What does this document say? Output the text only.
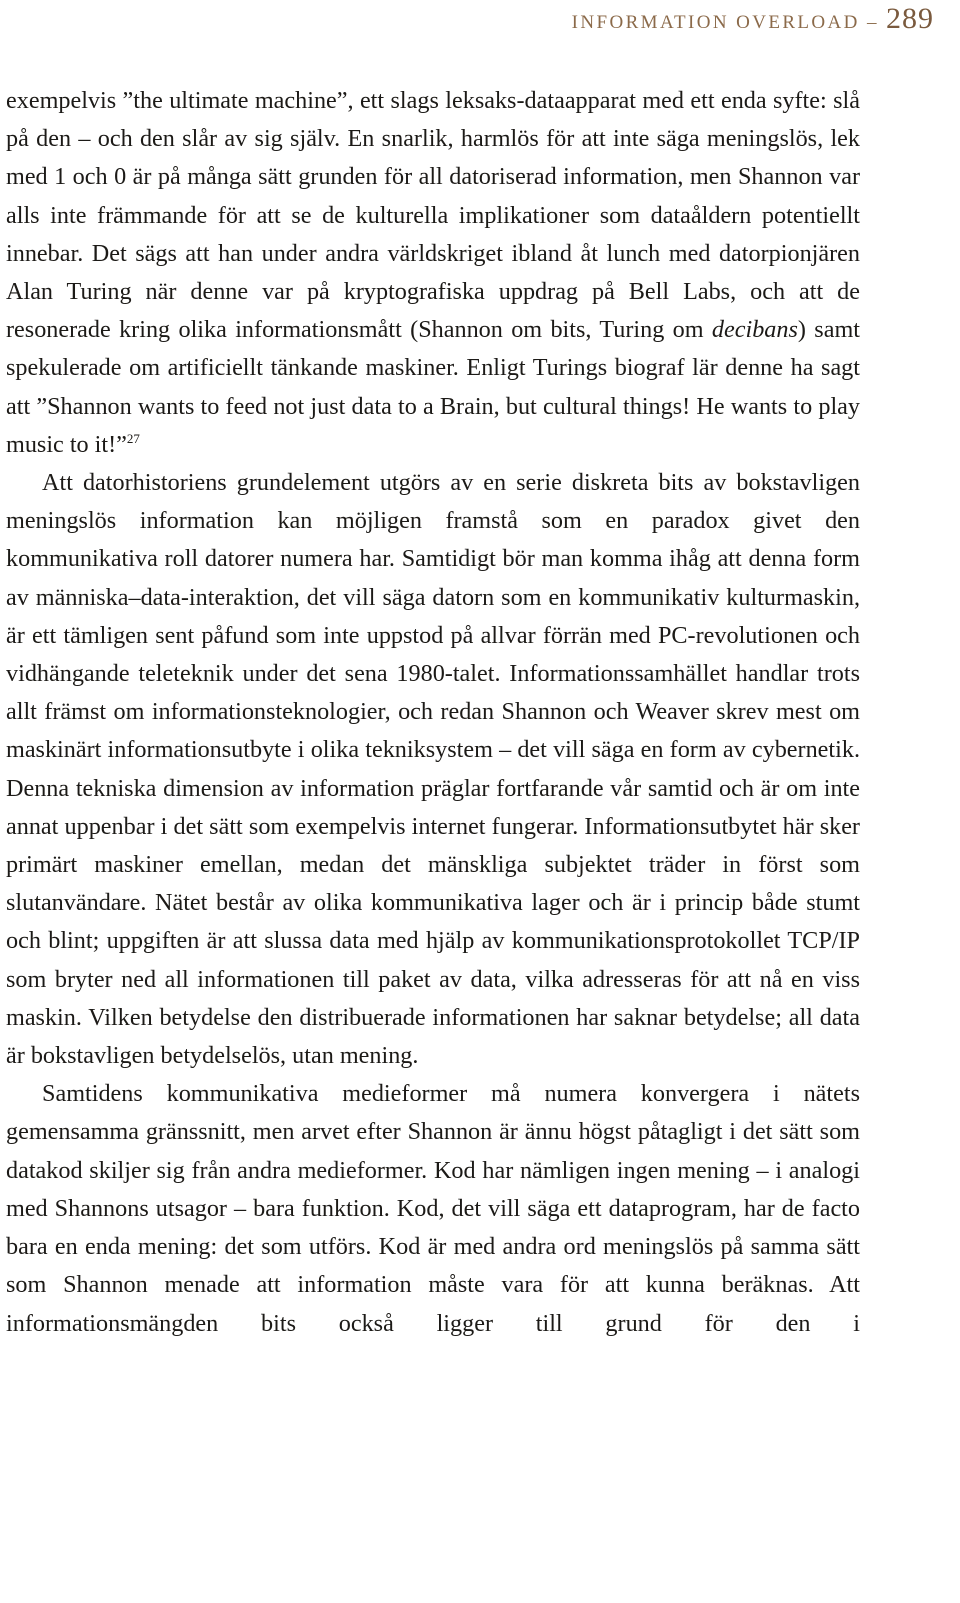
INFORMATION OVERLOAD – 289

exempelvis ”the ultimate machine”, ett slags leksaks-dataapparat med ett enda syfte: slå på den – och den slår av sig själv. En snarlik, harmlös för att inte säga meningslös, lek med 1 och 0 är på många sätt grunden för all datoriserad information, men Shannon var alls inte främmande för att se de kulturella implikationer som dataåldern potentiellt innebar. Det sägs att han under andra världskriget ibland åt lunch med datorpionjären Alan Turing när denne var på kryptografiska uppdrag på Bell Labs, och att de resonerade kring olika informationsmått (Shannon om bits, Turing om decibans) samt spekulerade om artificiellt tänkande maskiner. Enligt Turings biograf lär denne ha sagt att ”Shannon wants to feed not just data to a Brain, but cultural things! He wants to play music to it!”$^{27}$

Att datorhistoriens grundelement utgörs av en serie diskreta bits av bokstavligen meningslös information kan möjligen framstå som en paradox givet den kommunikativa roll datorer numera har. Samtidigt bör man komma ihåg att denna form av människa–data-interaktion, det vill säga datorn som en kommunikativ kulturmaskin, är ett tämligen sent påfund som inte uppstod på allvar förrän med PC-revolutionen och vidhängande teleteknik under det sena 1980-talet. Informationssamhället handlar trots allt främst om informationsteknologier, och redan Shannon och Weaver skrev mest om maskinärt informationsutbyte i olika tekniksystem – det vill säga en form av cybernetik. Denna tekniska dimension av information präglar fortfarande vår samtid och är om inte annat uppenbar i det sätt som exempelvis internet fungerar. Informationsutbytet här sker primärt maskiner emellan, medan det mänskliga subjektet träder in först som slutanvändare. Nätet består av olika kommunikativa lager och är i princip både stumt och blint; uppgiften är att slussa data med hjälp av kommunikationsprotokollet TCP/IP som bryter ned all informationen till paket av data, vilka adresseras för att nå en viss maskin. Vilken betydelse den distribuerade informationen har saknar betydelse; all data är bokstavligen betydelselös, utan mening.

Samtidens kommunikativa medieformer må numera konvergera i nätets gemensamma gränssnitt, men arvet efter Shannon är ännu högst påtagligt i det sätt som datakod skiljer sig från andra medieformer. Kod har nämligen ingen mening – i analogi med Shannons utsagor – bara funktion. Kod, det vill säga ett dataprogram, har de facto bara en enda mening: det som utförs. Kod är med andra ord meningslös på samma sätt som Shannon menade att information måste vara för att kunna beräknas. Att informationsmängden bits också ligger till grund för den i
